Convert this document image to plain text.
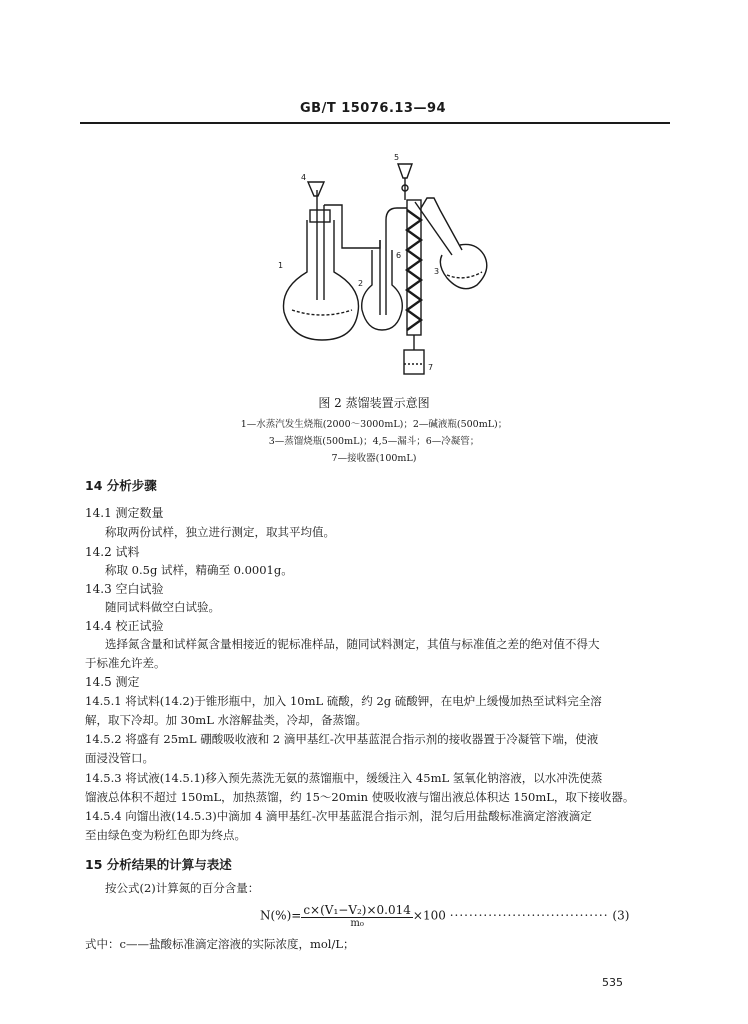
GB/T 15076.13—94
1
2
3
4
5
6
7
图 2 蒸馏装置示意图
1—水蒸汽发生烧瓶(2000～3000mL)；2—碱液瓶(500mL)；
3—蒸馏烧瓶(500mL)；4,5—漏斗；6—冷凝管；
7—接收器(100mL)
14 分析步骤
14.1 测定数量
称取两份试样，独立进行测定，取其平均值。
14.2 试料
称取 0.5g 试样，精确至 0.0001g。
14.3 空白试验
随同试料做空白试验。
14.4 校正试验
选择氮含量和试样氮含量相接近的铌标准样品，随同试料测定，其值与标准值之差的绝对值不得大
于标准允许差。
14.5 测定
14.5.1 将试料(14.2)于锥形瓶中，加入 10mL 硫酸，约 2g 硫酸钾，在电炉上缓慢加热至试料完全溶
解，取下冷却。加 30mL 水溶解盐类，冷却，备蒸馏。
14.5.2 将盛有 25mL 硼酸吸收液和 2 滴甲基红-次甲基蓝混合指示剂的接收器置于冷凝管下端，使液
面浸没管口。
14.5.3 将试液(14.5.1)移入预先蒸洗无氨的蒸馏瓶中，缓缓注入 45mL 氢氧化钠溶液，以水冲洗使蒸
馏液总体积不超过 150mL，加热蒸馏，约 15～20min 使吸收液与馏出液总体积达 150mL，取下接收器。
14.5.4 向馏出液(14.5.3)中滴加 4 滴甲基红-次甲基蓝混合指示剂，混匀后用盐酸标准滴定溶液滴定
至由绿色变为粉红色即为终点。
15 分析结果的计算与表述
按公式(2)计算氮的百分含量：
$N(\%)= \frac{\text{c×(V₁−V₂)×0.014}}{\text{m₀}} \times 100$ ································· (3)
式中：c——盐酸标准滴定溶液的实际浓度，mol/L；
535
